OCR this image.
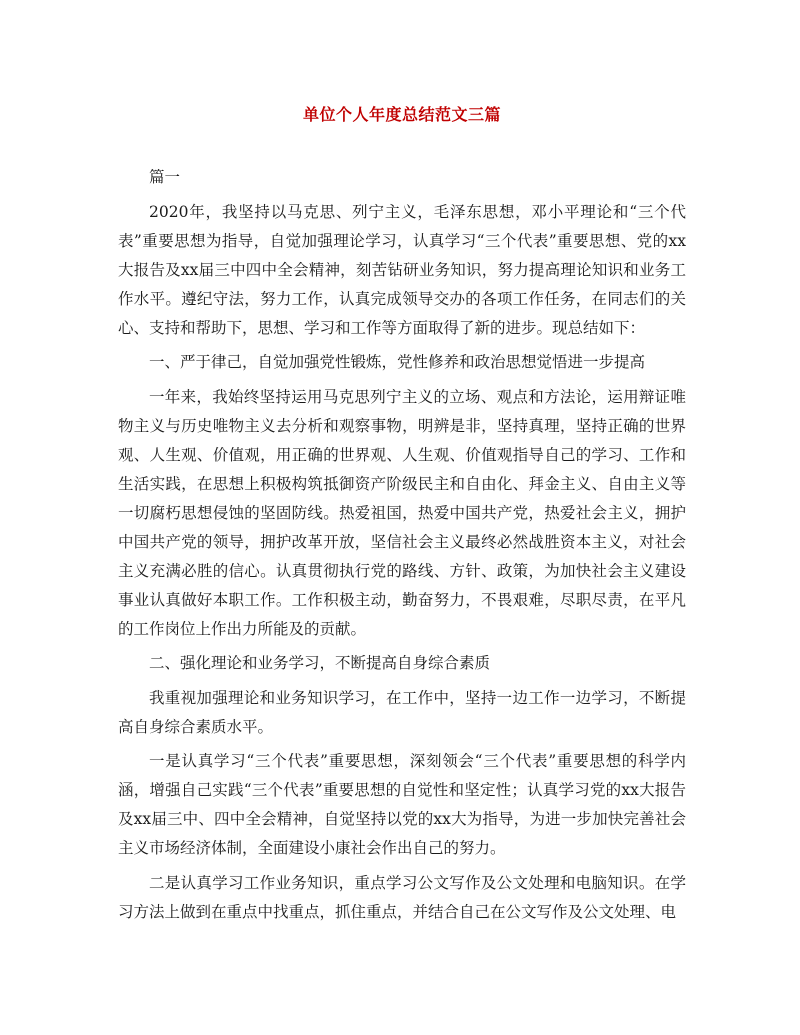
单位个人年度总结范文三篇

篇一

2020年，我坚持以马克思、列宁主义，毛泽东思想，邓小平理论和“三个代表”重要思想为指导，自觉加强理论学习，认真学习“三个代表”重要思想、党的xx大报告及xx届三中四中全会精神，刻苦钻研业务知识，努力提高理论知识和业务工作水平。遵纪守法，努力工作，认真完成领导交办的各项工作任务，在同志们的关心、支持和帮助下，思想、学习和工作等方面取得了新的进步。现总结如下：

一、严于律己，自觉加强党性锻炼，党性修养和政治思想觉悟进一步提高

一年来，我始终坚持运用马克思列宁主义的立场、观点和方法论，运用辩证唯物主义与历史唯物主义去分析和观察事物，明辨是非，坚持真理，坚持正确的世界观、人生观、价值观，用正确的世界观、人生观、价值观指导自己的学习、工作和生活实践，在思想上积极构筑抵御资产阶级民主和自由化、拜金主义、自由主义等一切腐朽思想侵蚀的坚固防线。热爱祖国，热爱中国共产党，热爱社会主义，拥护中国共产党的领导，拥护改革开放，坚信社会主义最终必然战胜资本主义，对社会主义充满必胜的信心。认真贯彻执行党的路线、方针、政策，为加快社会主义建设事业认真做好本职工作。工作积极主动，勤奋努力，不畏艰难，尽职尽责，在平凡的工作岗位上作出力所能及的贡献。

二、强化理论和业务学习，不断提高自身综合素质

我重视加强理论和业务知识学习，在工作中，坚持一边工作一边学习，不断提高自身综合素质水平。

一是认真学习“三个代表”重要思想，深刻领会“三个代表”重要思想的科学内涵，增强自己实践“三个代表”重要思想的自觉性和坚定性；认真学习党的xx大报告及xx届三中、四中全会精神，自觉坚持以党的xx大为指导，为进一步加快完善社会主义市场经济体制，全面建设小康社会作出自己的努力。

二是认真学习工作业务知识，重点学习公文写作及公文处理和电脑知识。在学习方法上做到在重点中找重点，抓住重点，并结合自己在公文写作及公文处理、电
